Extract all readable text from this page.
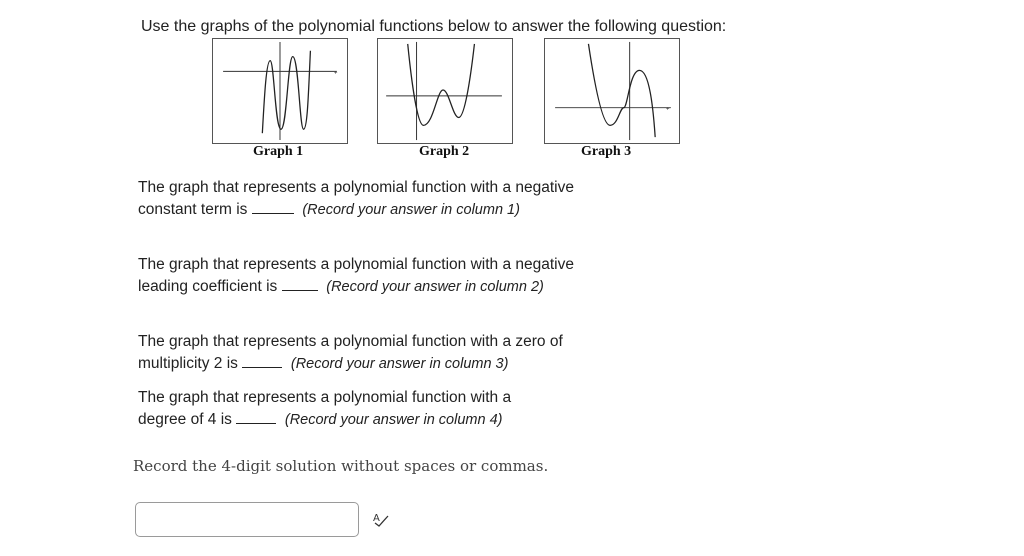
Use the graphs of the polynomial functions below to answer the following question:
+
Graph 1	Graph 2
+
Graph 3
The graph that represents a polynomial function with a negative constant term is	(Record your answer in column 1)
The graph that represents a polynomial function with a negative leading coefficient is	(Record your answer in column 2)
The graph that represents a polynomial function with a zero of multiplicity 2 is	(Record your answer in column 3)
The graph that represents a polynomial function with a degree of 4 is	(Record your answer in column 4)
Record the 4-digit solution without spaces or commas.
A
